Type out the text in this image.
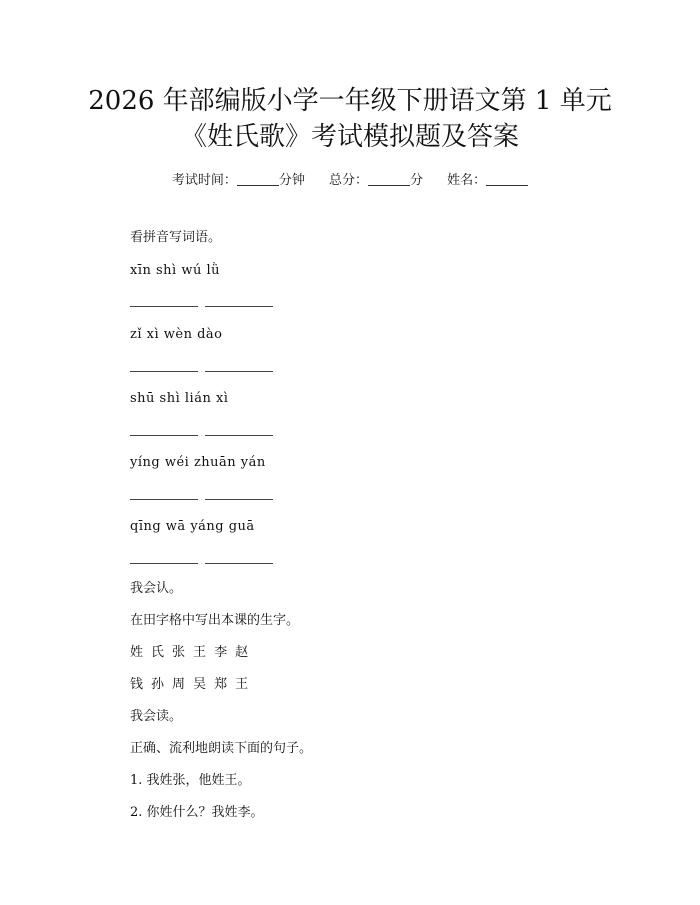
2026 年部编版小学一年级下册语文第 1 单元
《姓氏歌》考试模拟题及答案
考试时间：	分钟 总分：	分 姓名：
看拼音写词语。
xīn shì wú lǜ
zǐ xì wèn dào
shū shì lián xì
yíng wéi zhuān yán
qīng wā yáng guā
我会认。
在田字格中写出本课的生字。
姓 氏 张 王 李 赵
钱 孙 周 吴 郑 王
我会读。
正确、流利地朗读下面的句子。
1. 我姓张，他姓王。
2. 你姓什么？我姓李。
